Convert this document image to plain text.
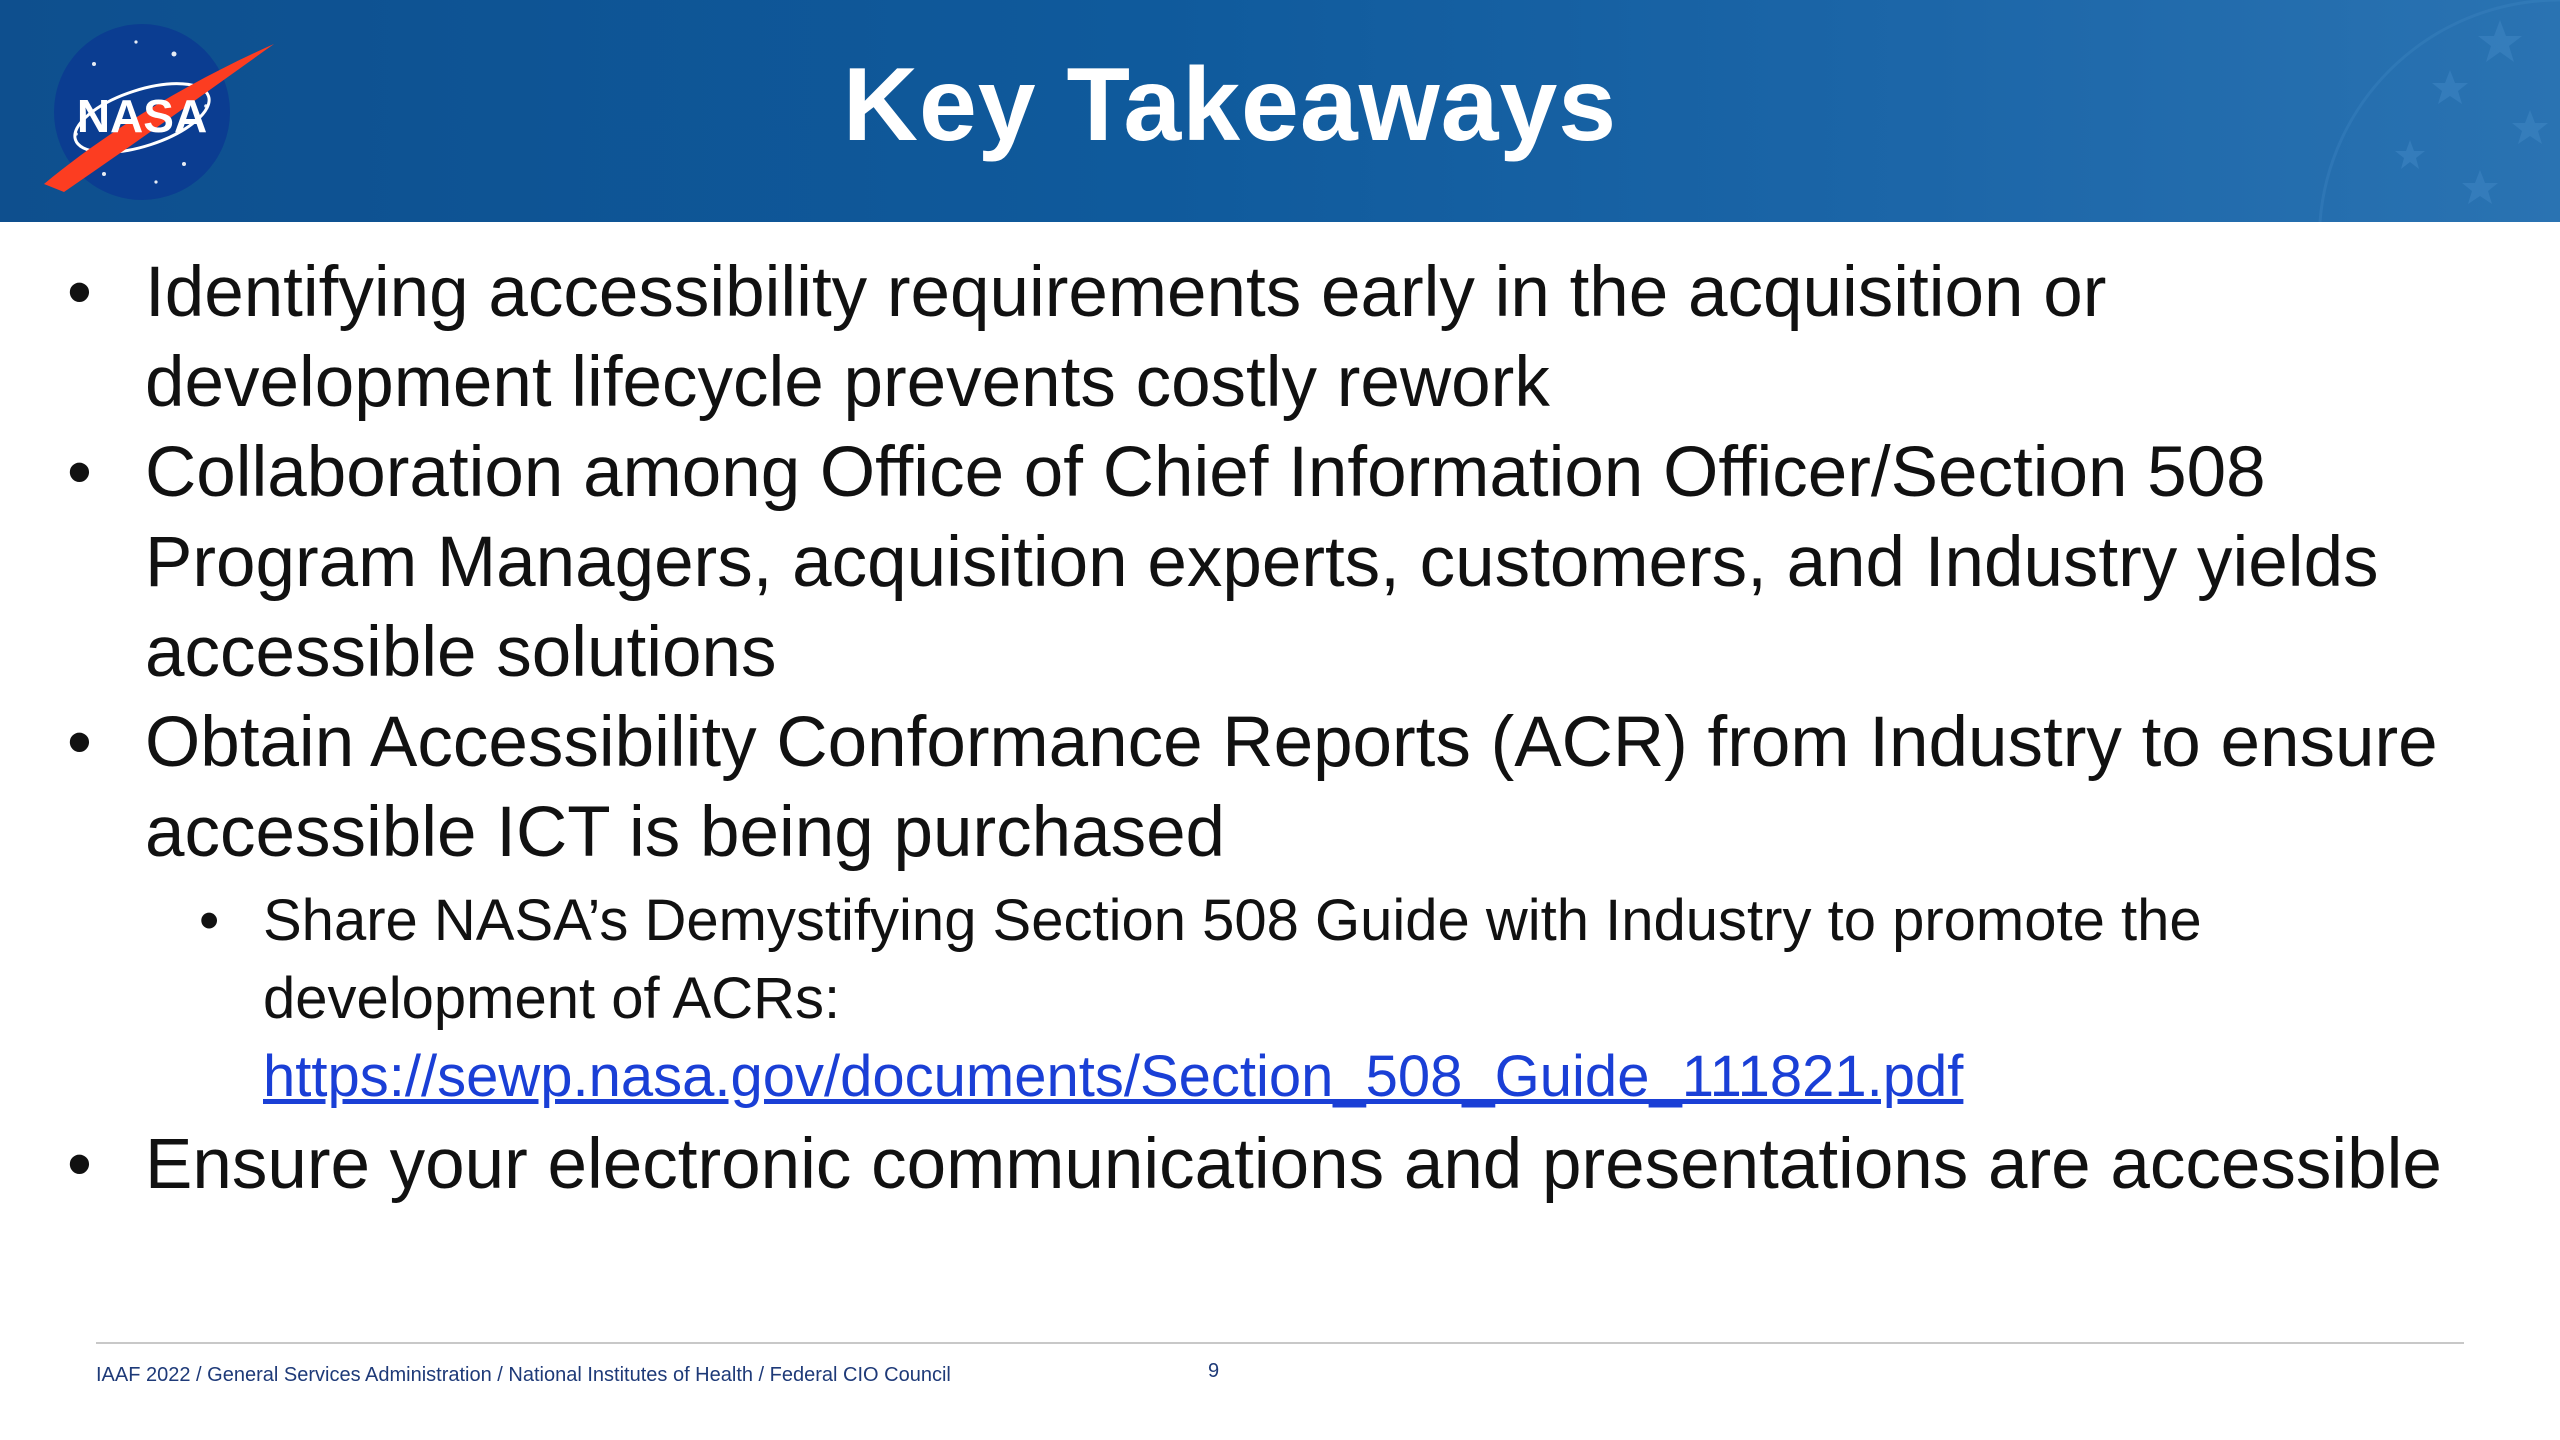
NASA	Key Takeaways
• Identifying accessibility requirements early in the acquisition or development lifecycle prevents costly rework
• Collaboration among Office of Chief Information Officer/Section 508 Program Managers, acquisition experts, customers, and Industry yields accessible solutions
• Obtain Accessibility Conformance Reports (ACR) from Industry to ensure accessible ICT is being purchased
• Share NASA’s Demystifying Section 508 Guide with Industry to promote the development of ACRs:
https://sewp.nasa.gov/documents/Section_508_Guide_111821.pdf
• Ensure your electronic communications and presentations are accessible
IAAF 2022 / General Services Administration / National Institutes of Health / Federal CIO Council	9
